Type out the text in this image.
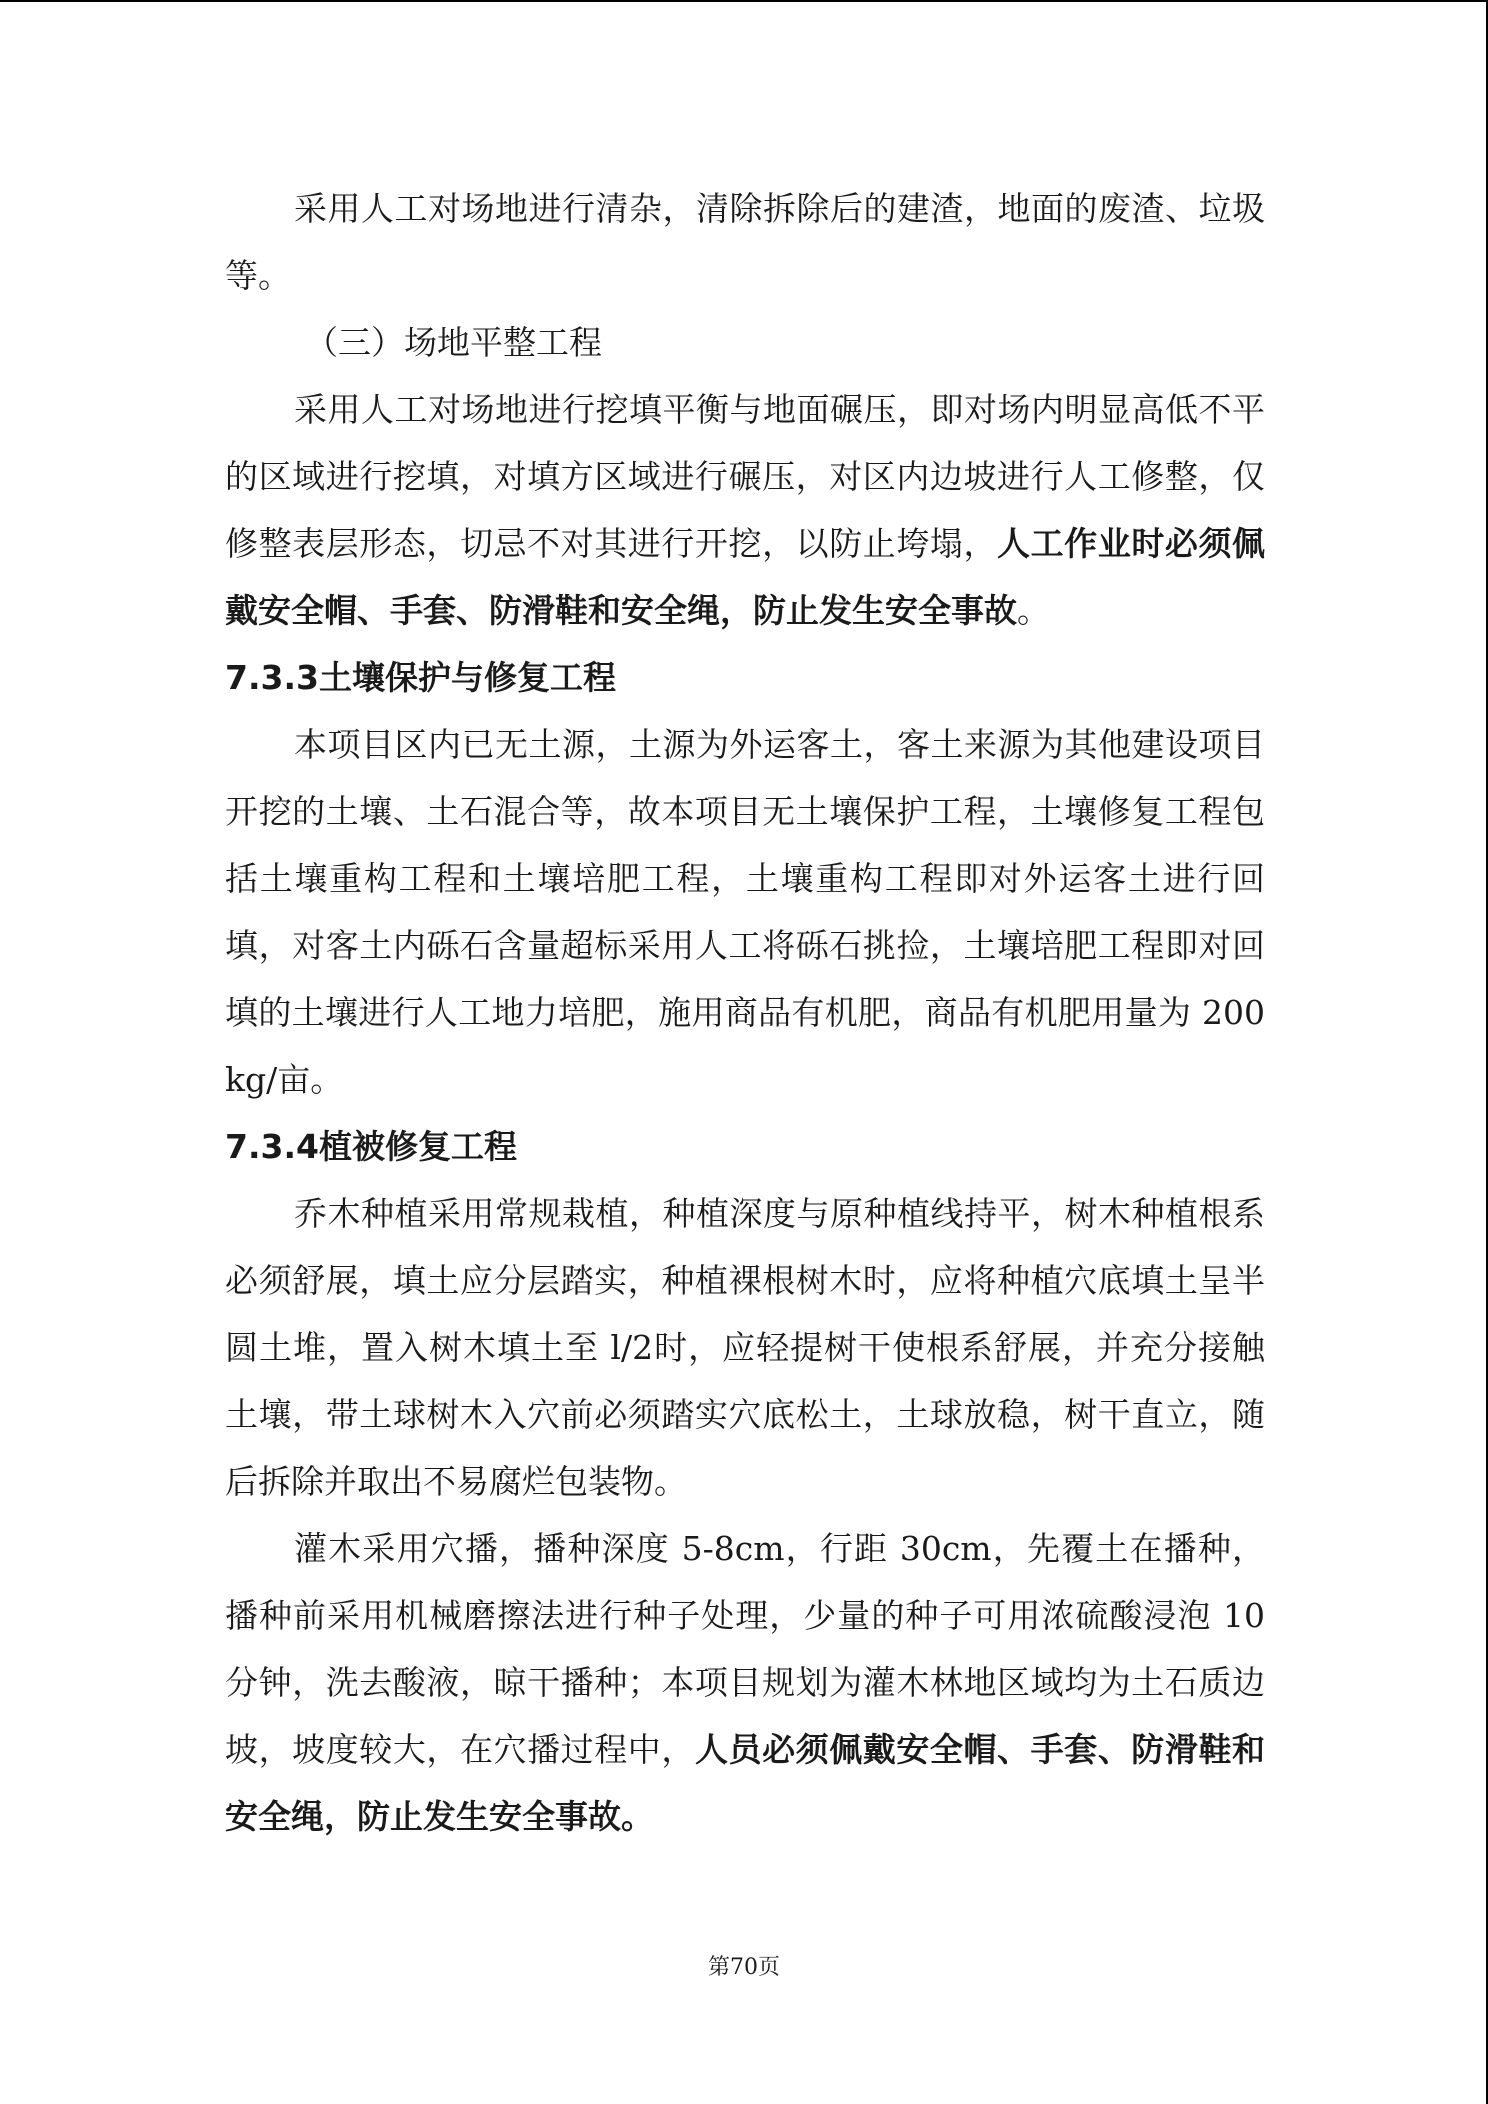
采用人工对场地进行清杂，清除拆除后的建渣，地面的废渣、垃圾等。

（三）场地平整工程

采用人工对场地进行挖填平衡与地面碾压，即对场内明显高低不平的区域进行挖填，对填方区域进行碾压，对区内边坡进行人工修整，仅修整表层形态，切忌不对其进行开挖，以防止垮塌，人工作业时必须佩戴安全帽、手套、防滑鞋和安全绳，防止发生安全事故。

7.3.3土壤保护与修复工程

本项目区内已无土源，土源为外运客土，客土来源为其他建设项目开挖的土壤、土石混合等，故本项目无土壤保护工程，土壤修复工程包括土壤重构工程和土壤培肥工程，土壤重构工程即对外运客土进行回填，对客土内砾石含量超标采用人工将砾石挑捡，土壤培肥工程即对回填的土壤进行人工地力培肥，施用商品有机肥，商品有机肥用量为 200 kg/亩。

7.3.4植被修复工程

乔木种植采用常规栽植，种植深度与原种植线持平，树木种植根系必须舒展，填土应分层踏实，种植裸根树木时，应将种植穴底填土呈半圆土堆，置入树木填土至 l/2时，应轻提树干使根系舒展，并充分接触土壤，带土球树木入穴前必须踏实穴底松土，土球放稳，树干直立，随后拆除并取出不易腐烂包装物。

灌木采用穴播，播种深度 5-8cm，行距 30cm，先覆土在播种，播种前采用机械磨擦法进行种子处理，少量的种子可用浓硫酸浸泡 10 分钟，洗去酸液，晾干播种；本项目规划为灌木林地区域均为土石质边坡，坡度较大，在穴播过程中，人员必须佩戴安全帽、手套、防滑鞋和安全绳，防止发生安全事故。

第70页
